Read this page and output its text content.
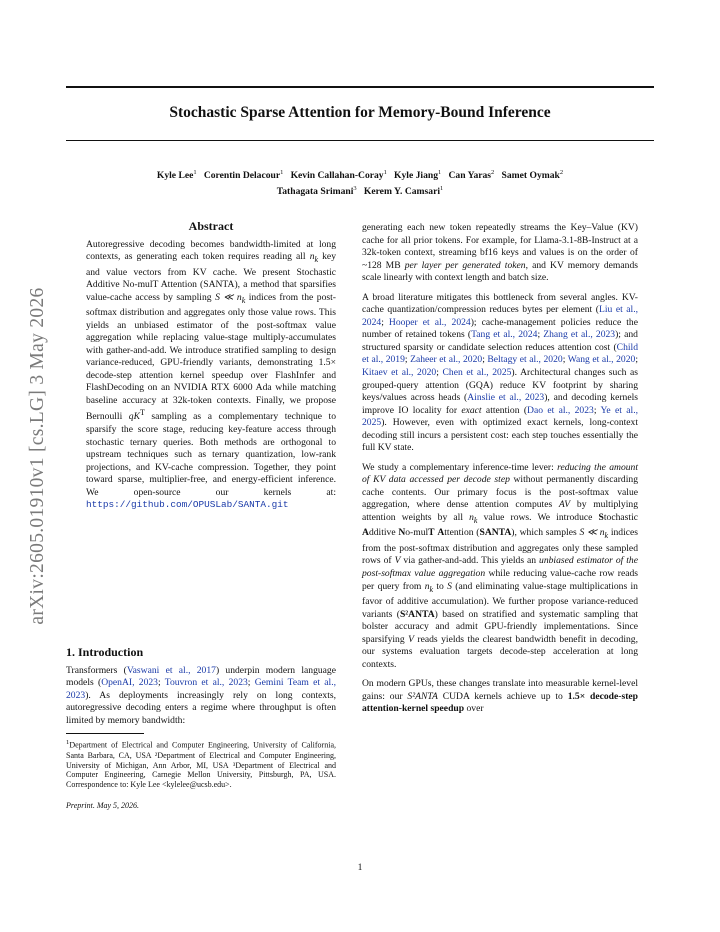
Stochastic Sparse Attention for Memory-Bound Inference
Kyle Lee$^1$ Corentin Delacour$^1$ Kevin Callahan-Coray$^1$ Kyle Jiang$^1$ Can Yaras$^2$ Samet Oymak$^2$
Tathagata Srimani$^3$ Kerem Y. Camsari$^1$
arXiv:2605.01910v1 [cs.LG] 3 May 2026
Abstract

Autoregressive decoding becomes bandwidth-limited at long contexts, as generating each token requires reading all $n_k$ key and value vectors from KV cache. We present Stochastic Additive No-mulT Attention (SANTA), a method that sparsifies value-cache access by sampling S ≪ $n_k$ indices from the post-softmax distribution and aggregates only those value rows. This yields an unbiased estimator of the post-softmax value aggregation while replacing value-stage multiply-accumulates with gather-and-add. We introduce stratified sampling to design variance-reduced, GPU-friendly variants, demonstrating 1.5× decode-step attention kernel speedup over FlashInfer and FlashDecoding on an NVIDIA RTX 6000 Ada while matching baseline accuracy at 32k-token contexts. Finally, we propose Bernoulli $qK^T$ sampling as a complementary technique to sparsify the score stage, reducing key-feature access through stochastic ternary queries. Both methods are orthogonal to upstream techniques such as ternary quantization, low-rank projections, and KV-cache compression. Together, they point toward sparse, multiplier-free, and energy-efficient inference. We open-source our kernels at: https://github.com/OPUSLab/SANTA.git

1. Introduction

Transformers (Vaswani et al., 2017) underpin modern language models (OpenAI, 2023; Touvron et al., 2023; Gemini Team et al., 2023). As deployments increasingly rely on long contexts, autoregressive decoding enters a regime where throughput is often limited by memory bandwidth:

$^1$Department of Electrical and Computer Engineering, University of California, Santa Barbara, CA, USA ²Department of Electrical and Computer Engineering, University of Michigan, Ann Arbor, MI, USA ³Department of Electrical and Computer Engineering, Carnegie Mellon University, Pittsburgh, PA, USA. Correspondence to: Kyle Lee <kylelee@ucsb.edu>.
Preprint. May 5, 2026.

generating each new token repeatedly streams the Key–Value (KV) cache for all prior tokens. For example, for Llama-3.1-8B-Instruct at a 32k-token context, streaming bf16 keys and values is on the order of ~128 MB per layer per generated token, and KV memory demands scale linearly with context length and batch size.

A broad literature mitigates this bottleneck from several angles. KV-cache quantization/compression reduces bytes per element (Liu et al., 2024; Hooper et al., 2024); cache-management policies reduce the number of retained tokens (Tang et al., 2024; Zhang et al., 2023); and structured sparsity or candidate selection reduces attention cost (Child et al., 2019; Zaheer et al., 2020; Beltagy et al., 2020; Wang et al., 2020; Kitaev et al., 2020; Chen et al., 2025). Architectural changes such as grouped-query attention (GQA) reduce KV footprint by sharing keys/values across heads (Ainslie et al., 2023), and decoding kernels improve IO locality for exact attention (Dao et al., 2023; Ye et al., 2025). However, even with optimized exact kernels, long-context decoding still incurs a persistent cost: each step touches essentially the full KV state.

We study a complementary inference-time lever: reducing the amount of KV data accessed per decode step without permanently discarding cache contents. Our primary focus is the post-softmax value aggregation, where dense attention computes AV by multiplying attention weights by all $n_k$ value rows. We introduce Stochastic Additive No-mulT Attention (SANTA), which samples S ≪ $n_k$ indices from the post-softmax distribution and aggregates only these sampled rows of V via gather-and-add. This yields an unbiased estimator of the post-softmax value aggregation while reducing value-cache row reads per query from $n_k$ to S (and eliminating value-stage multiplications in favor of additive accumulation). We further propose variance-reduced variants (S²ANTA) based on stratified and systematic sampling that bolster accuracy and admit GPU-friendly implementations. Since sparsifying V reads yields the clearest bandwidth benefit in decoding, our systems evaluation targets decode-step acceleration at long contexts.

On modern GPUs, these changes translate into measurable kernel-level gains: our S²ANTA CUDA kernels achieve up to 1.5× decode-step attention-kernel speedup over

1
